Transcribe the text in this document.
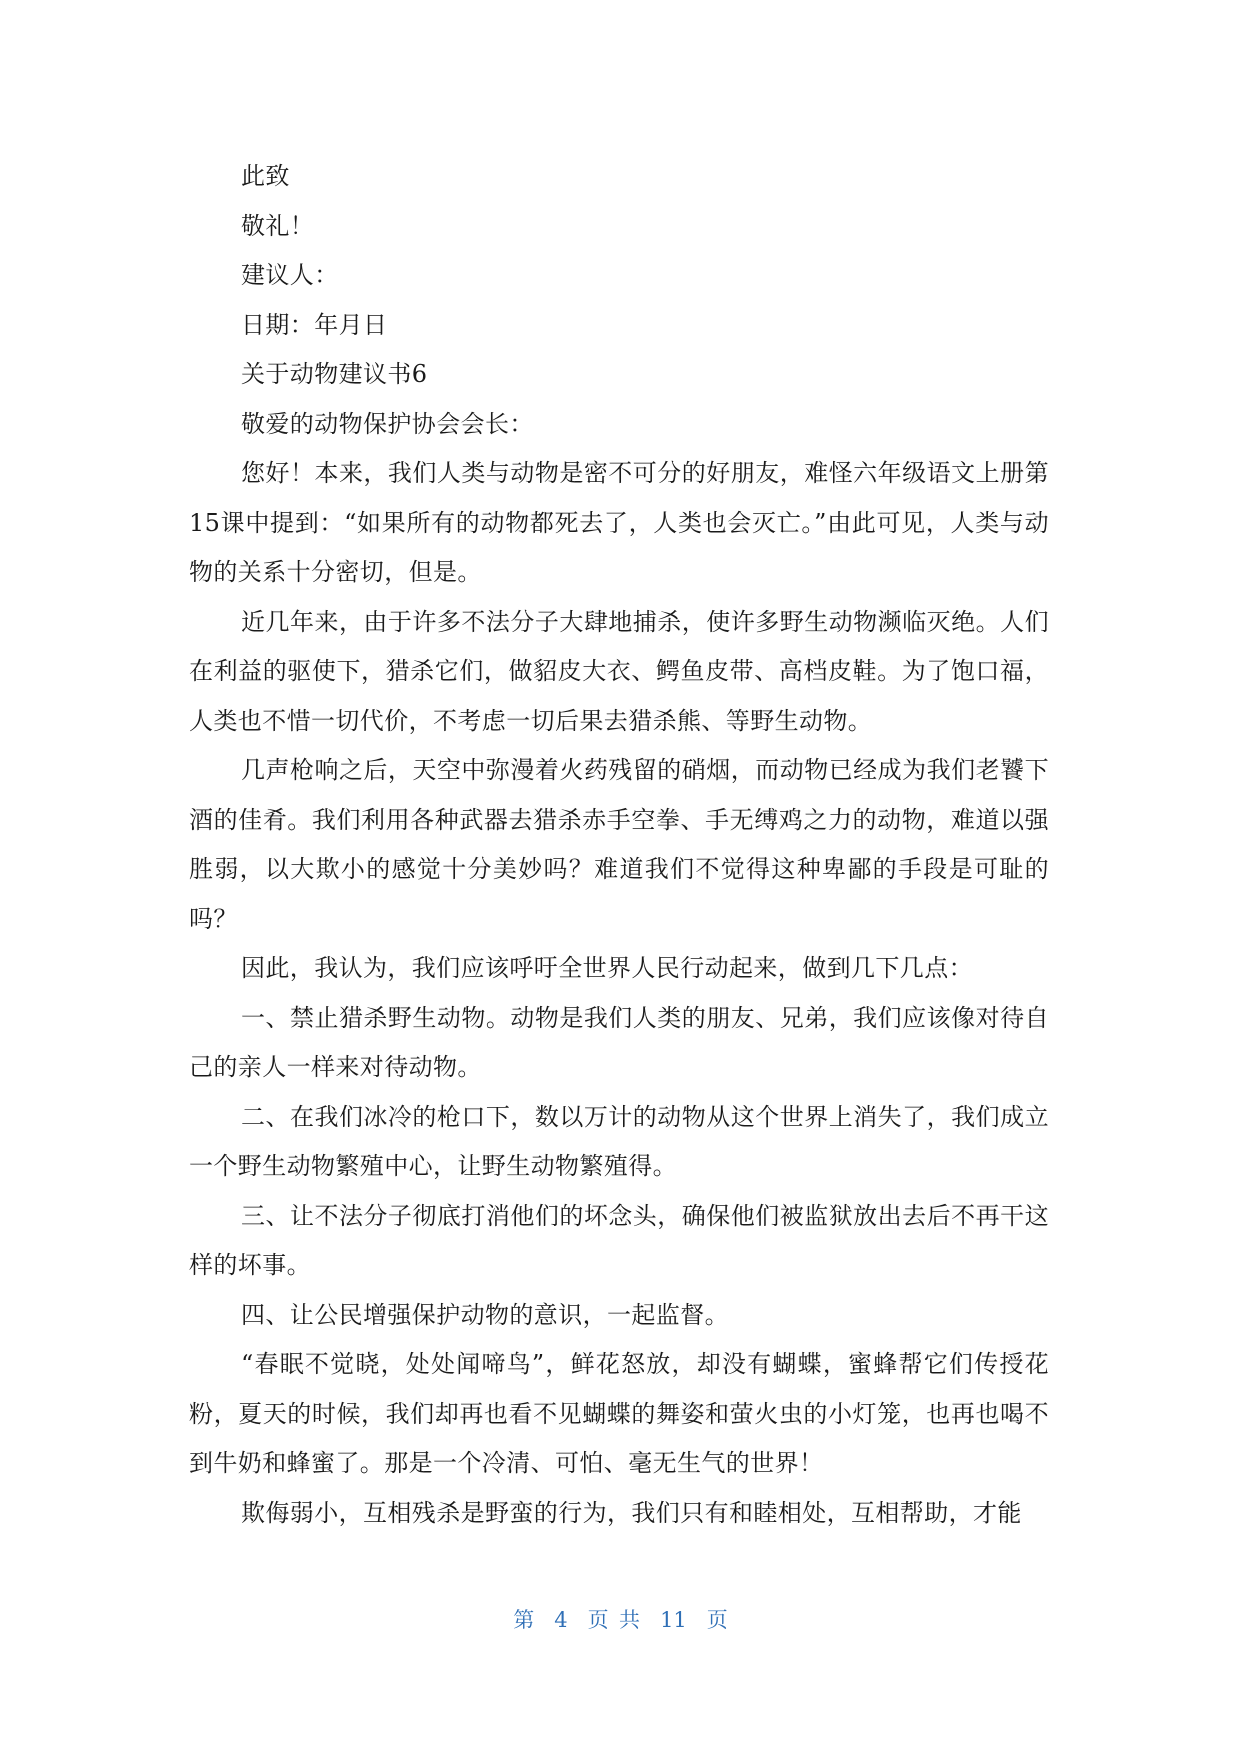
此致

敬礼！

建议人：

日期：年月日

关于动物建议书6

敬爱的动物保护协会会长：

您好！本来，我们人类与动物是密不可分的好朋友，难怪六年级语文上册第15课中提到：“如果所有的动物都死去了，人类也会灭亡。”由此可见，人类与动物的关系十分密切，但是。

近几年来，由于许多不法分子大肆地捕杀，使许多野生动物濒临灭绝。人们在利益的驱使下，猎杀它们，做貂皮大衣、鳄鱼皮带、高档皮鞋。为了饱口福，人类也不惜一切代价，不考虑一切后果去猎杀熊、等野生动物。

几声枪响之后，天空中弥漫着火药残留的硝烟，而动物已经成为我们老饕下酒的佳肴。我们利用各种武器去猎杀赤手空拳、手无缚鸡之力的动物，难道以强胜弱，以大欺小的感觉十分美妙吗？难道我们不觉得这种卑鄙的手段是可耻的吗？

因此，我认为，我们应该呼吁全世界人民行动起来，做到几下几点：

一、禁止猎杀野生动物。动物是我们人类的朋友、兄弟，我们应该像对待自己的亲人一样来对待动物。

二、在我们冰冷的枪口下，数以万计的动物从这个世界上消失了，我们成立一个野生动物繁殖中心，让野生动物繁殖得。

三、让不法分子彻底打消他们的坏念头，确保他们被监狱放出去后不再干这样的坏事。

四、让公民增强保护动物的意识，一起监督。

“春眠不觉晓，处处闻啼鸟”，鲜花怒放，却没有蝴蝶，蜜蜂帮它们传授花粉，夏天的时候，我们却再也看不见蝴蝶的舞姿和萤火虫的小灯笼，也再也喝不到牛奶和蜂蜜了。那是一个冷清、可怕、毫无生气的世界！

欺侮弱小，互相残杀是野蛮的行为，我们只有和睦相处，互相帮助，才能

第 4 页 共 11 页
